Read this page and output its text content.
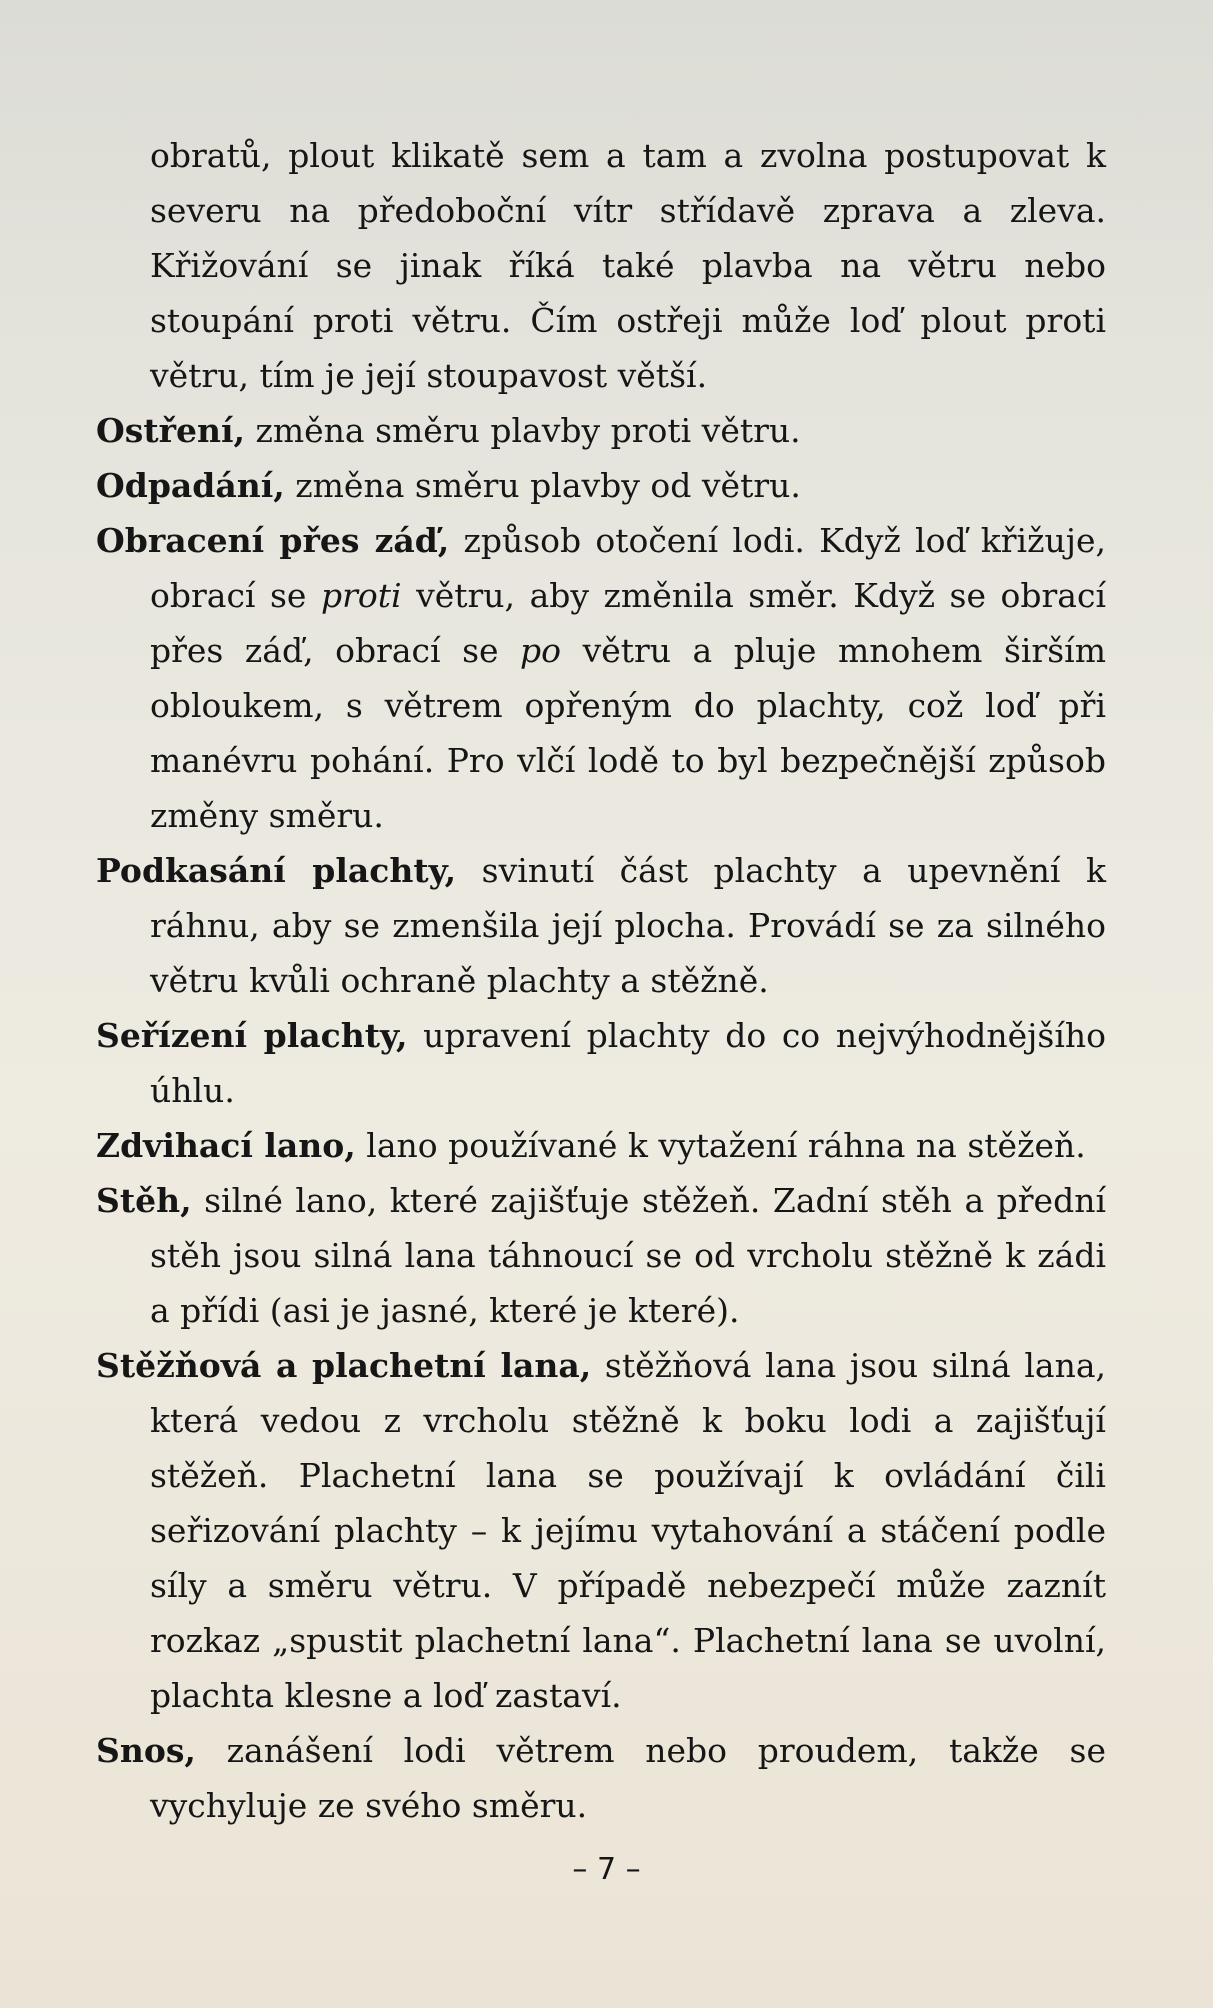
obratů, plout klikatě sem a tam a zvolna postupovat k severu na předoboční vítr střídavě zprava a zleva. Křižování se jinak říká také plavba na větru nebo stoupání proti větru. Čím ostřeji může loď plout proti větru, tím je její stoupavost větší.

Ostření, změna směru plavby proti větru.

Odpadání, změna směru plavby od větru.

Obracení přes záď, způsob otočení lodi. Když loď křižuje, obrací se proti větru, aby změnila směr. Když se obrací přes záď, obrací se po větru a pluje mnohem širším obloukem, s větrem opřeným do plachty, což loď při manévru pohání. Pro vlčí lodě to byl bezpečnější způsob změny směru.

Podkasání plachty, svinutí část plachty a upevnění k ráhnu, aby se zmenšila její plocha. Provádí se za silného větru kvůli ochraně plachty a stěžně.

Seřízení plachty, upravení plachty do co nejvýhodnějšího úhlu.

Zdvihací lano, lano používané k vytažení ráhna na stěžeň.

Stěh, silné lano, které zajišťuje stěžeň. Zadní stěh a přední stěh jsou silná lana táhnoucí se od vrcholu stěžně k zádi a přídi (asi je jasné, které je které).

Stěžňová a plachetní lana, stěžňová lana jsou silná lana, která vedou z vrcholu stěžně k boku lodi a zajišťují stěžeň. Plachetní lana se používají k ovládání čili seřizování plachty – k jejímu vytahování a stáčení podle síly a směru větru. V případě nebezpečí může zaznít rozkaz „spustit plachetní lana“. Plachetní lana se uvolní, plachta klesne a loď zastaví.

Snos, zanášení lodi větrem nebo proudem, takže se vychyluje ze svého směru.

– 7 –
